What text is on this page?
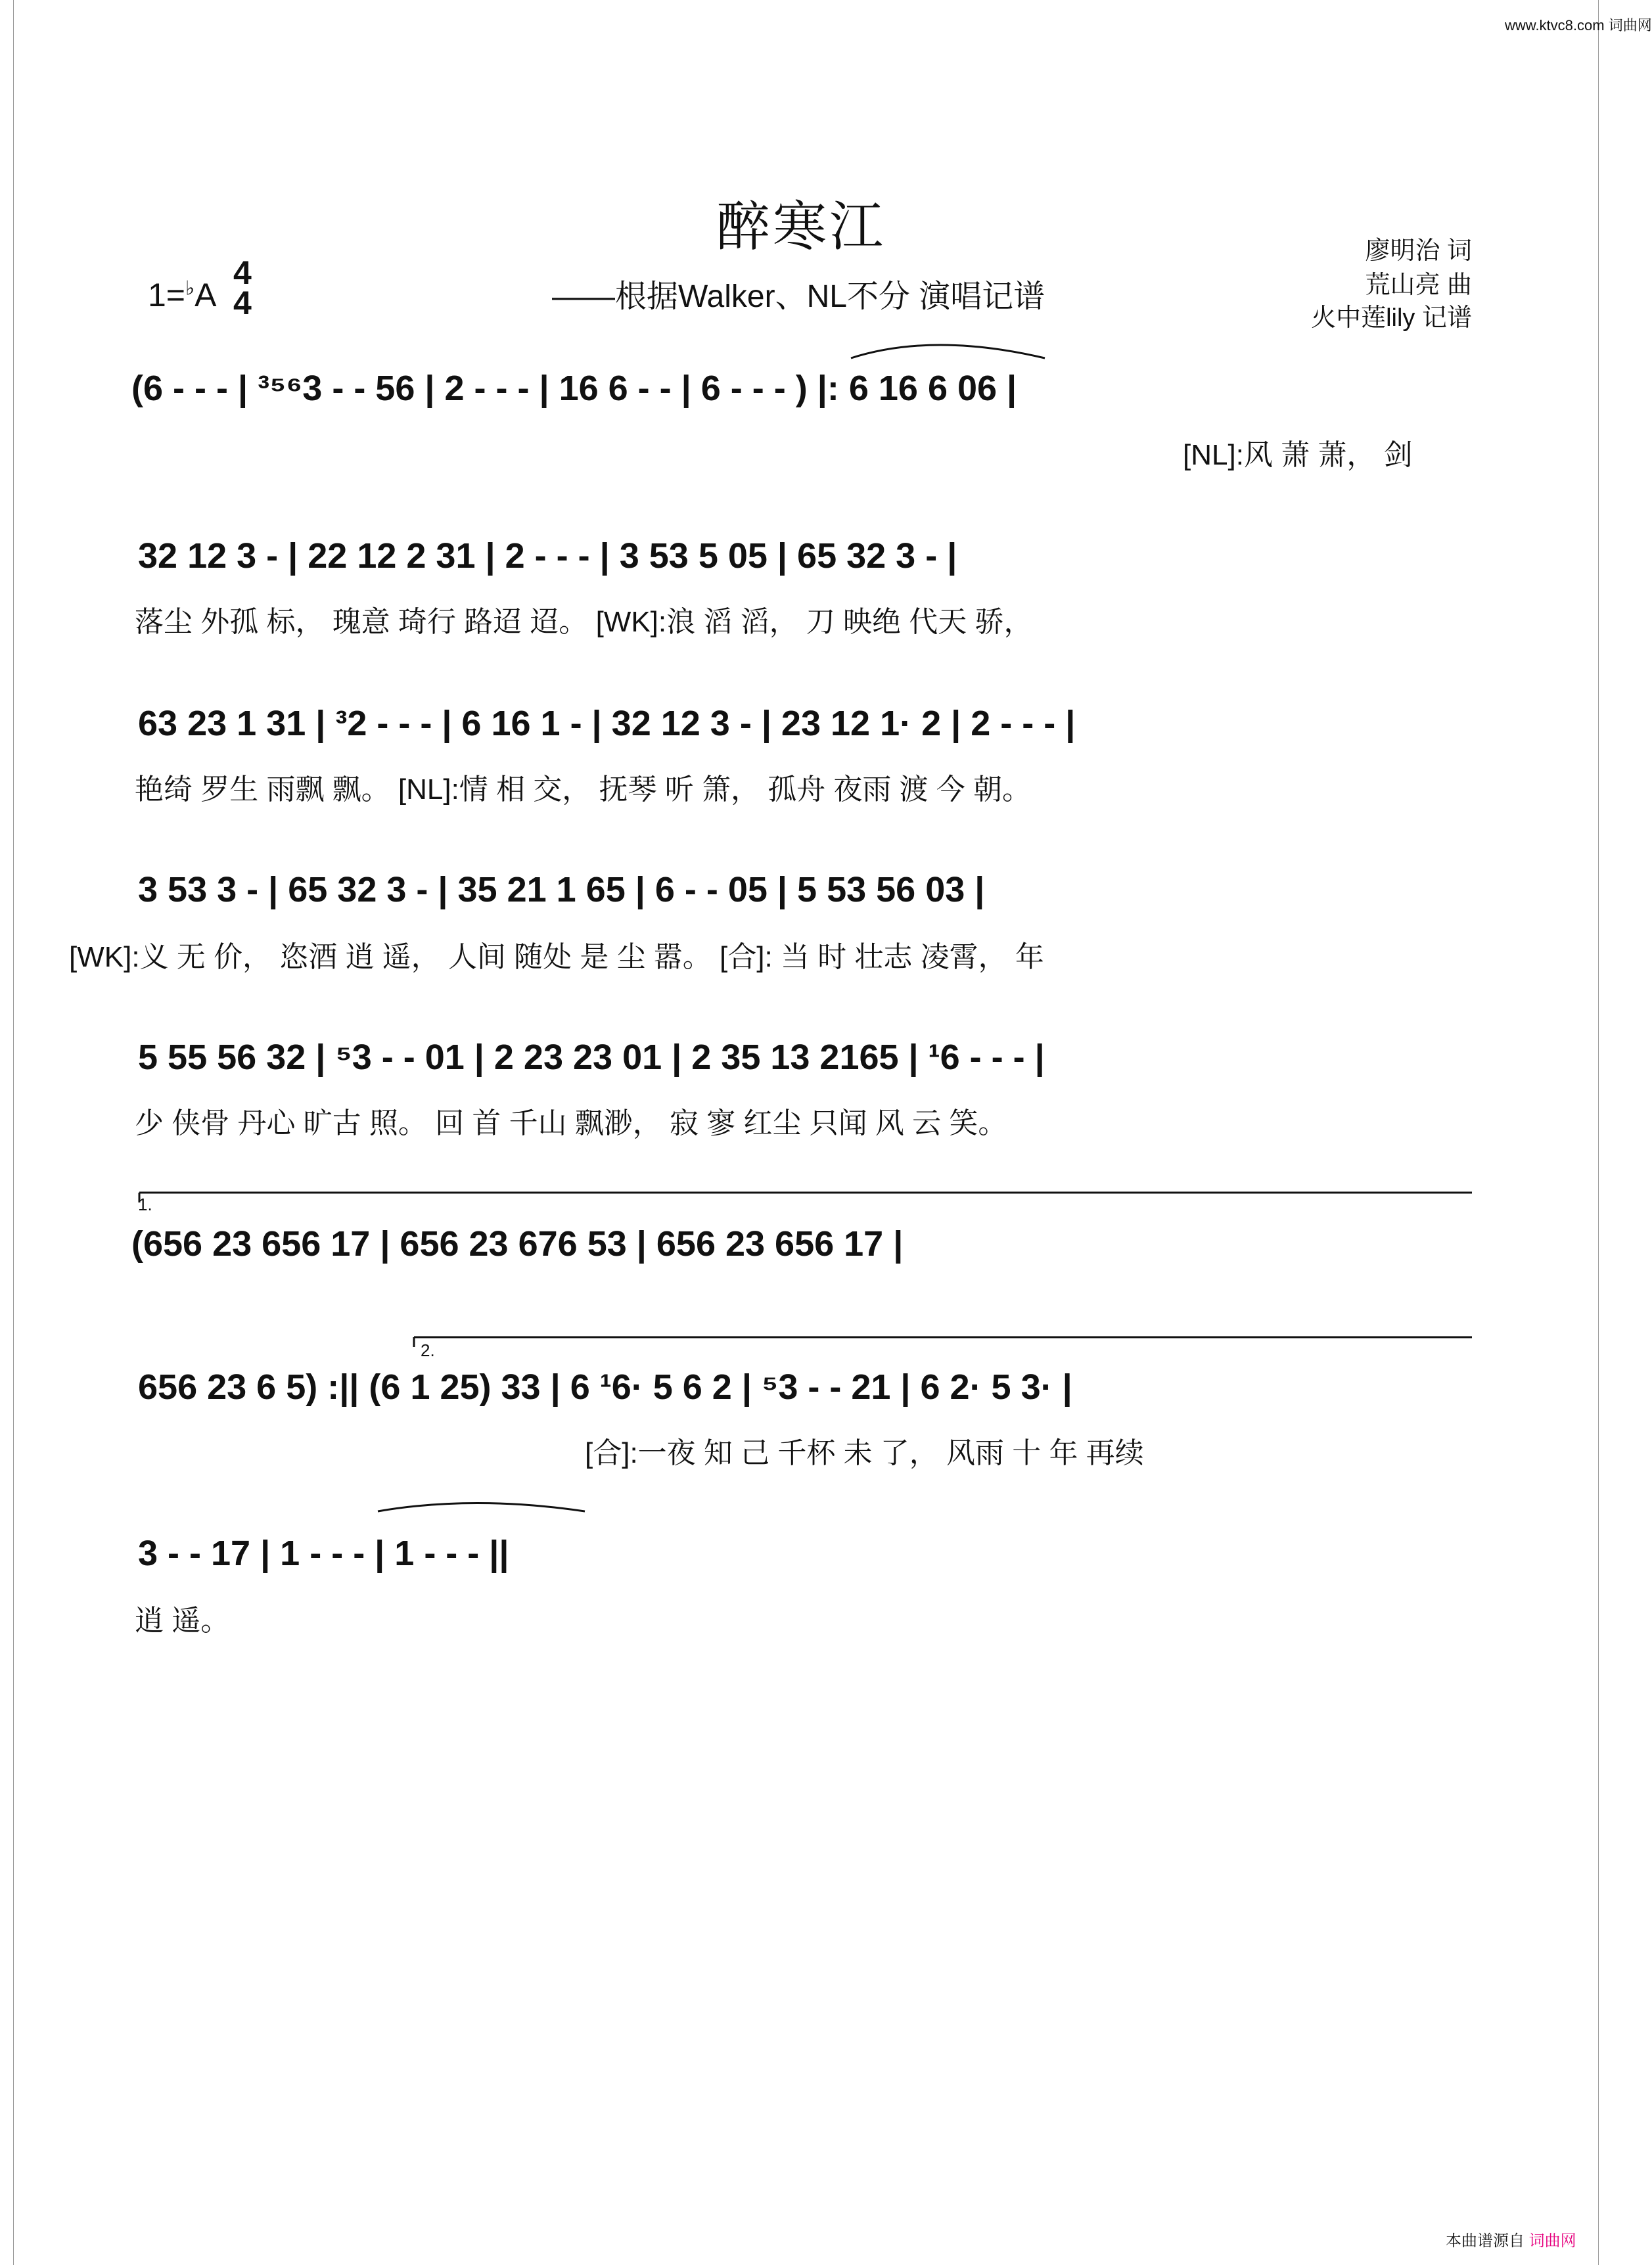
www.ktvc8.com 词曲网
醉寒江
——根据Walker、NL不分 演唱记谱
廖明治 词
荒山亮 曲
火中莲lily 记谱
1=♭A
4
4
(6 - - - | ³⁵⁶3 - - 56 | 2 - - - | 16 6 - - | 6 - - - ) |: 6 16 6 06 |
[NL]:风 萧 萧， 剑
32 12 3 - | 22 12 2 31 | 2 - - - | 3 53 5 05 | 65 32 3 - |
落尘 外孤 标， 瑰意 琦行 路迢 迢。 [WK]:浪 滔 滔， 刀 映绝 代天 骄，
63 23 1 31 | ³2 - - - | 6 16 1 - | 32 12 3 - | 23 12 1· 2 | 2 - - - |
艳绮 罗生 雨飘 飘。 [NL]:情 相 交， 抚琴 听 箫， 孤舟 夜雨 渡 今 朝。
3 53 3 - | 65 32 3 - | 35 21 1 65 | 6 - - 05 | 5 53 56 03 |
[WK]:义 无 价， 恣酒 逍 遥， 人间 随处 是 尘 嚣。 [合]: 当 时 壮志 凌霄， 年
5 55 56 32 | ⁵3 - - 01 | 2 23 23 01 | 2 35 13 2165 | ¹6 - - - |
少 侠骨 丹心 旷古 照。 回 首 千山 飘渺， 寂 寥 红尘 只闻 风 云 笑。
1.
(656 23 656 17 | 656 23 676 53 | 656 23 656 17 |
2.
656 23 6 5) :|| (6 1 25) 33 | 6 ¹6· 5 6 2 | ⁵3 - - 21 | 6 2· 5 3· |
[合]:一夜 知 己 千杯 未 了， 风雨 十 年 再续
3 - - 17 | 1 - - - | 1 - - - ||
逍 遥。
本曲谱源自 词曲网
